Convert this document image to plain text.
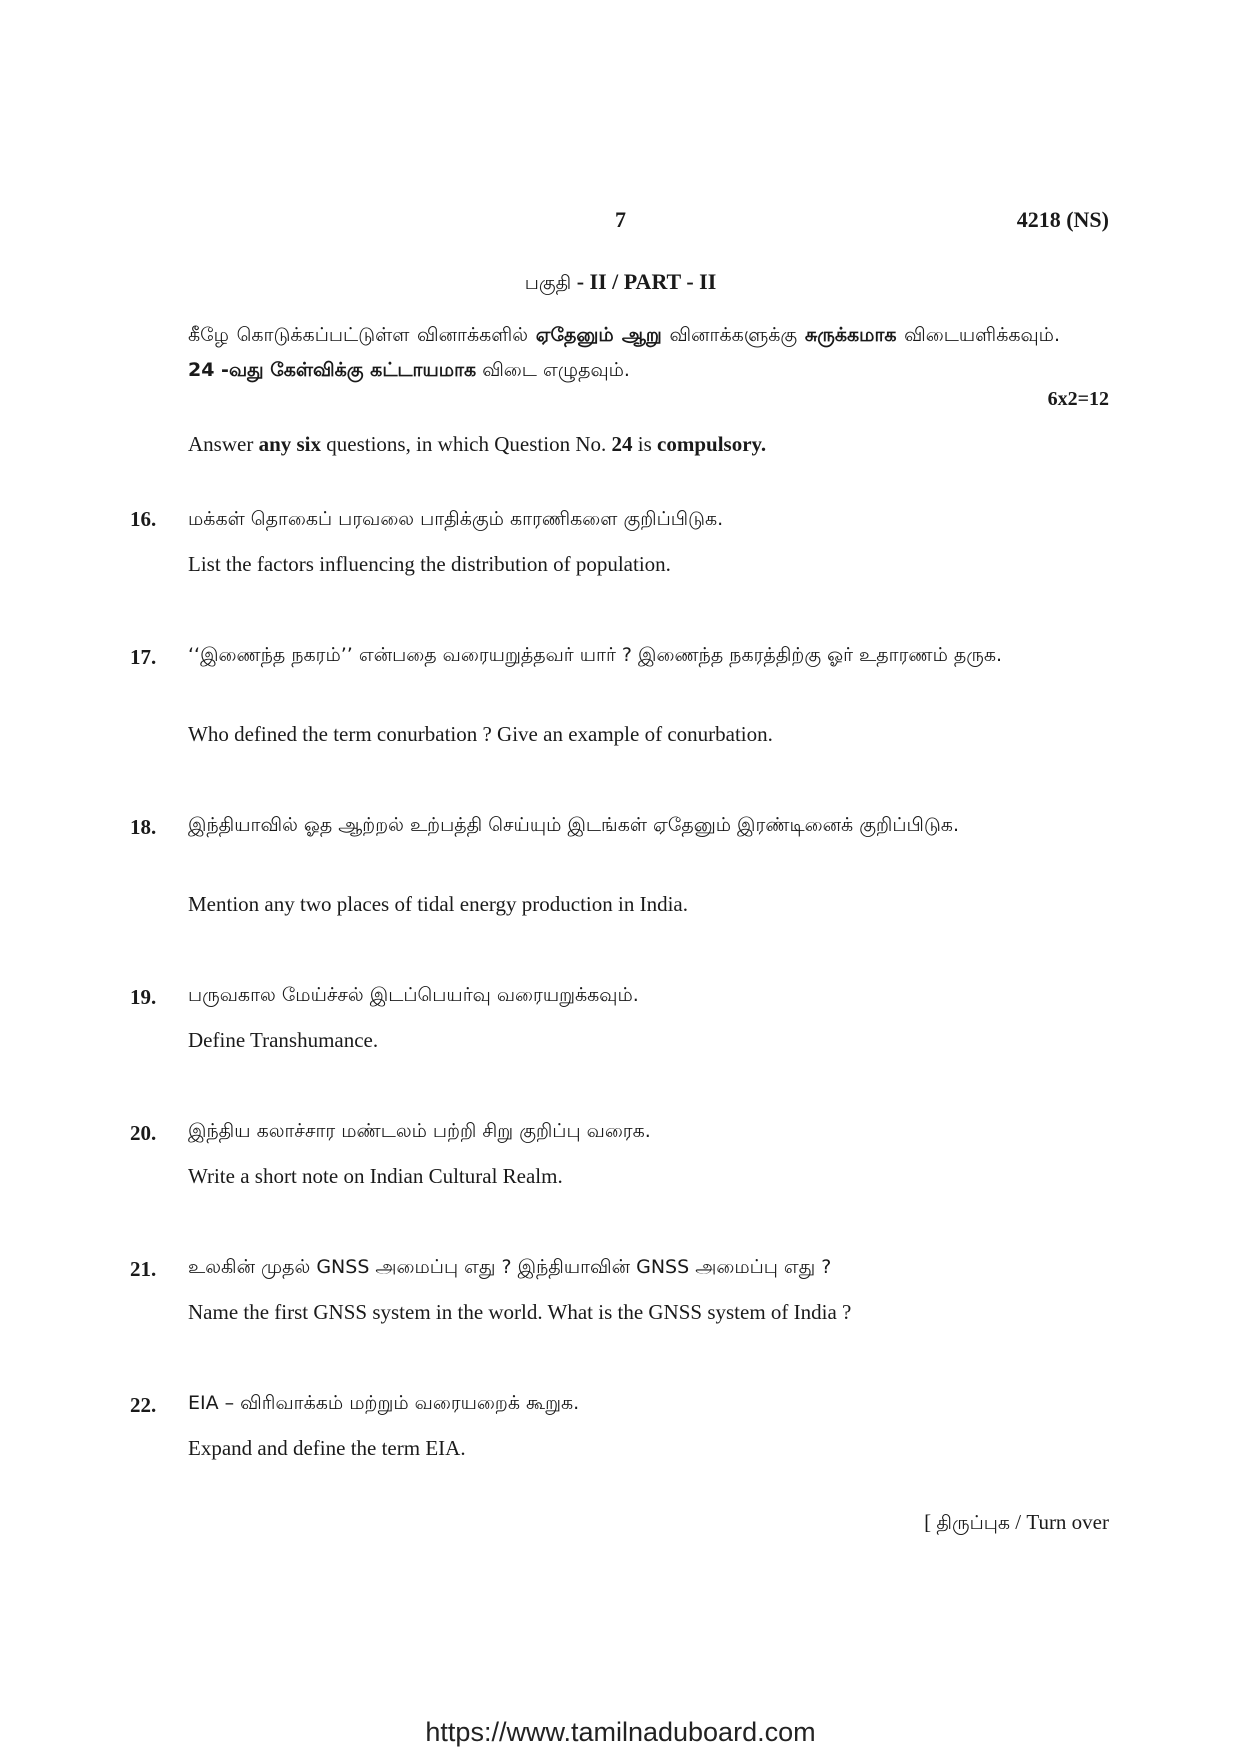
7	4218 (NS)
பகுதி - II / PART - II
கீழே கொடுக்கப்பட்டுள்ள வினாக்களில் ஏதேனும் ஆறு வினாக்களுக்கு சுருக்கமாக விடையளிக்கவும். 24 -வது கேள்விக்கு கட்டாயமாக விடை எழுதவும்.
6x2=12
Answer any six questions, in which Question No. 24 is compulsory.
16. மக்கள் தொகைப் பரவலை பாதிக்கும் காரணிகளை குறிப்பிடுக.
List the factors influencing the distribution of population.
17. ‘‘இணைந்த நகரம்’’ என்பதை வரையறுத்தவர் யார் ? இணைந்த நகரத்திற்கு ஓர் உதாரணம் தருக.
Who defined the term conurbation ? Give an example of conurbation.
18. இந்தியாவில் ஓத ஆற்றல் உற்பத்தி செய்யும் இடங்கள் ஏதேனும் இரண்டினைக் குறிப்பிடுக.
Mention any two places of tidal energy production in India.
19. பருவகால மேய்ச்சல் இடப்பெயர்வு வரையறுக்கவும்.
Define Transhumance.
20. இந்திய கலாச்சார மண்டலம் பற்றி சிறு குறிப்பு வரைக.
Write a short note on Indian Cultural Realm.
21. உலகின் முதல் GNSS அமைப்பு எது ? இந்தியாவின் GNSS அமைப்பு எது ?
Name the first GNSS system in the world. What is the GNSS system of India ?
22. EIA – விரிவாக்கம் மற்றும் வரையறைக் கூறுக.
Expand and define the term EIA.
[ திருப்புக / Turn over
https://www.tamilnaduboard.com
